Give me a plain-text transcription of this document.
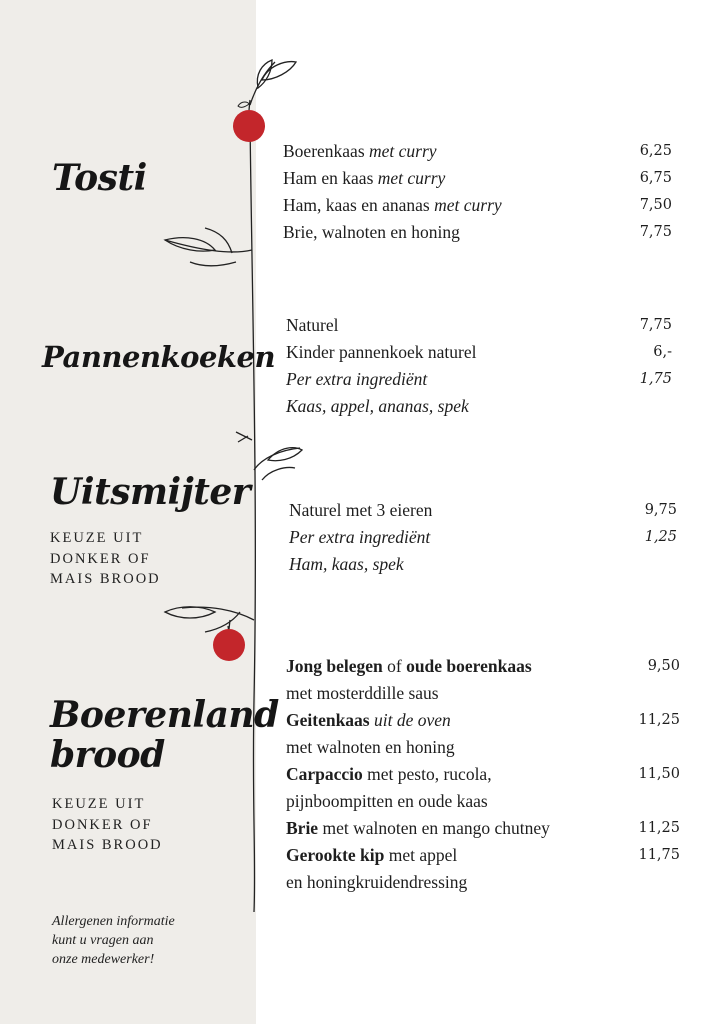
Tosti
Pannenkoeken
Uitsmijter
KEUZE UIT
DONKER OF
MAIS BROOD
Boerenland brood
KEUZE UIT
DONKER OF
MAIS BROOD
Boerenkaas met curry	6,25
Ham en kaas met curry	6,75
Ham, kaas en ananas met curry	7,50
Brie, walnoten en honing	7,75
Naturel	7,75
Kinder pannenkoek naturel	6,-
Per extra ingrediënt	1,75
Kaas, appel, ananas, spek
Naturel met 3 eieren	9,75
Per extra ingrediënt	1,25
Ham, kaas, spek
Jong belegen of oude boerenkaas	9,50
met mosterddille saus
Geitenkaas uit de oven	11,25
met walnoten en honing
Carpaccio met pesto, rucola,	11,50
pijnboompitten en oude kaas
Brie met walnoten en mango chutney	11,25
Gerookte kip met appel	11,75
en honingkruidendressing
Allergenen informatie
kunt u vragen aan
onze medewerker!
